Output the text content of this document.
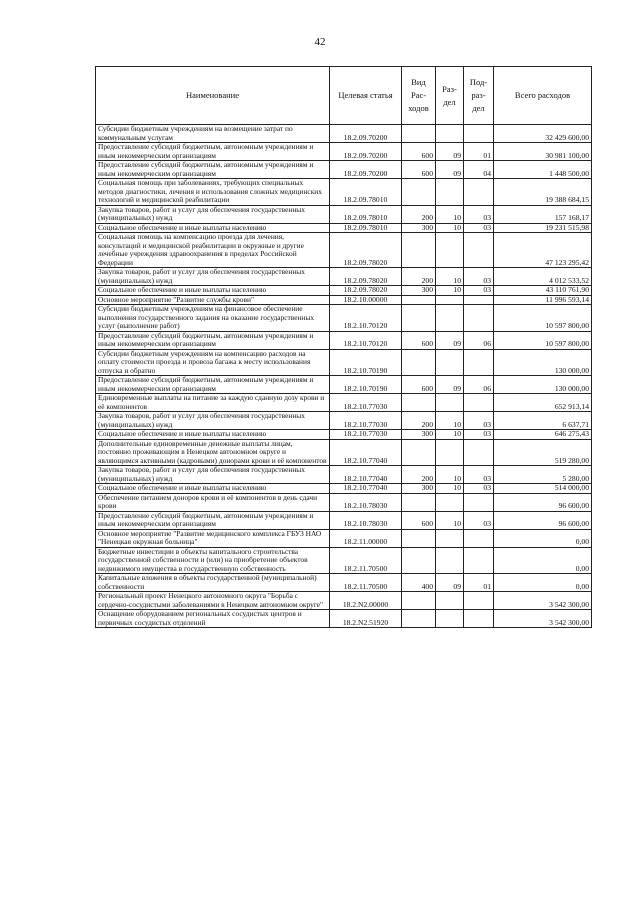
42
Наименование	Целевая статья	Вид Рас- ходов	Раз- дел	Под- раз- дел	Всего расходов
Субсидии бюджетным учреждениям на возмещение затрат по коммунальным услугам	18.2.09.70200				32 429 600,00
Предоставление субсидий бюджетным, автономным учреждениям и иным некоммерческим организациям	18.2.09.70200	600	09	01	30 981 100,00
Предоставление субсидий бюджетным, автономным учреждениям и иным некоммерческим организациям	18.2.09.70200	600	09	04	1 448 500,00
Социальная помощь при заболеваниях, требующих специальных методов диагностики, лечения и использования сложных медицинских технологий и медицинской реабилитации	18.2.09.78010				19 388 684,15
Закупка товаров, работ и услуг для обеспечения государственных (муниципальных) нужд	18.2.09.78010	200	10	03	157 168,17
Социальное обеспечение и иные выплаты населению	18.2.09.78010	300	10	03	19 231 515,98
Социальная помощь на компенсацию проезда для лечения, консультаций и медицинской реабилитации в окружные и другие лечебные учреждения здравоохранения в пределах Российской Федерации	18.2.09.78020				47 123 295,42
Закупка товаров, работ и услуг для обеспечения государственных (муниципальных) нужд	18.2.09.78020	200	10	03	4 012 533,52
Социальное обеспечение и иные выплаты населению	18.2.09.78020	300	10	03	43 110 761,90
Основное мероприятие "Развитие службы крови"	18.2.10.00000				11 996 593,14
Субсидии бюджетным учреждениям на финансовое обеспечение выполнения государственного задания на оказание государственных услуг (выполнение работ)	18.2.10.70120				10 597 800,00
Предоставление субсидий бюджетным, автономным учреждениям и иным некоммерческим организациям	18.2.10.70120	600	09	06	10 597 800,00
Субсидии бюджетным учреждениям на компенсацию расходов на оплату стоимости проезда и провоза багажа к месту использования отпуска и обратно	18.2.10.70190				130 000,00
Предоставление субсидий бюджетным, автономным учреждениям и иным некоммерческим организациям	18.2.10.70190	600	09	06	130 000,00
Единовременные выплаты на питание за каждую сданную дозу крови и её компонентов	18.2.10.77030				652 913,14
Закупка товаров, работ и услуг для обеспечения государственных (муниципальных) нужд	18.2.10.77030	200	10	03	6 637,71
Социальное обеспечение и иные выплаты населению	18.2.10.77030	300	10	03	646 275,43
Дополнительные единовременные денежные выплаты лицам, постоянно проживающим в Ненецком автономном округе и являющимся активными (кадровыми) донорами крови и её компонентов	18.2.10.77040				519 280,00
Закупка товаров, работ и услуг для обеспечения государственных (муниципальных) нужд	18.2.10.77040	200	10	03	5 280,00
Социальное обеспечение и иные выплаты населению	18.2.10.77040	300	10	03	514 000,00
Обеспечение питанием доноров крови и её компонентов в день сдачи крови	18.2.10.78030				96 600,00
Предоставление субсидий бюджетным, автономным учреждениям и иным некоммерческим организациям	18.2.10.78030	600	10	03	96 600,00
Основное мероприятие "Развитие медицинского комплекса ГБУЗ НАО "Ненецкая окружная больница"	18.2.11.00000				0,00
Бюджетные инвестиции в объекты капитального строительства государственной собственности и (или) на приобретение объектов недвижимого имущества в государственную собственность	18.2.11.70500				0,00
Капитальные вложения в объекты государственной (муниципальной) собственности	18.2.11.70500	400	09	01	0,00
Региональный проект Ненецкого автономного округа "Борьба с сердечно-сосудистыми заболеваниями в Ненецком автономном округе"	18.2.N2.00000				3 542 300,00
Оснащение оборудованием региональных сосудистых центров и первичных сосудистых отделений	18.2.N2.51920				3 542 300,00
